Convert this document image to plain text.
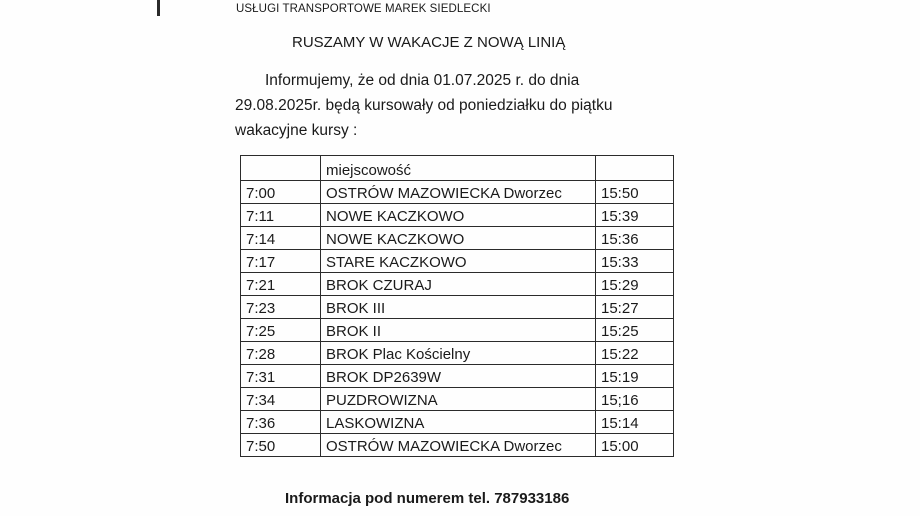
USŁUGI TRANSPORTOWE MAREK SIEDLECKI
RUSZAMY W WAKACJE Z NOWĄ LINIĄ
Informujemy, że od dnia 01.07.2025 r. do dnia
29.08.2025r. będą kursowały od poniedziałku do piątku
wakacyjne kursy :
	miejscowość	
7:00	OSTRÓW MAZOWIECKA Dworzec	15:50
7:11	NOWE KACZKOWO	15:39
7:14	NOWE KACZKOWO	15:36
7:17	STARE KACZKOWO	15:33
7:21	BROK CZURAJ	15:29
7:23	BROK III	15:27
7:25	BROK II	15:25
7:28	BROK Plac Kościelny	15:22
7:31	BROK DP2639W	15:19
7:34	PUZDROWIZNA	15;16
7:36	LASKOWIZNA	15:14
7:50	OSTRÓW MAZOWIECKA Dworzec	15:00
Informacja pod numerem tel. 787933186
